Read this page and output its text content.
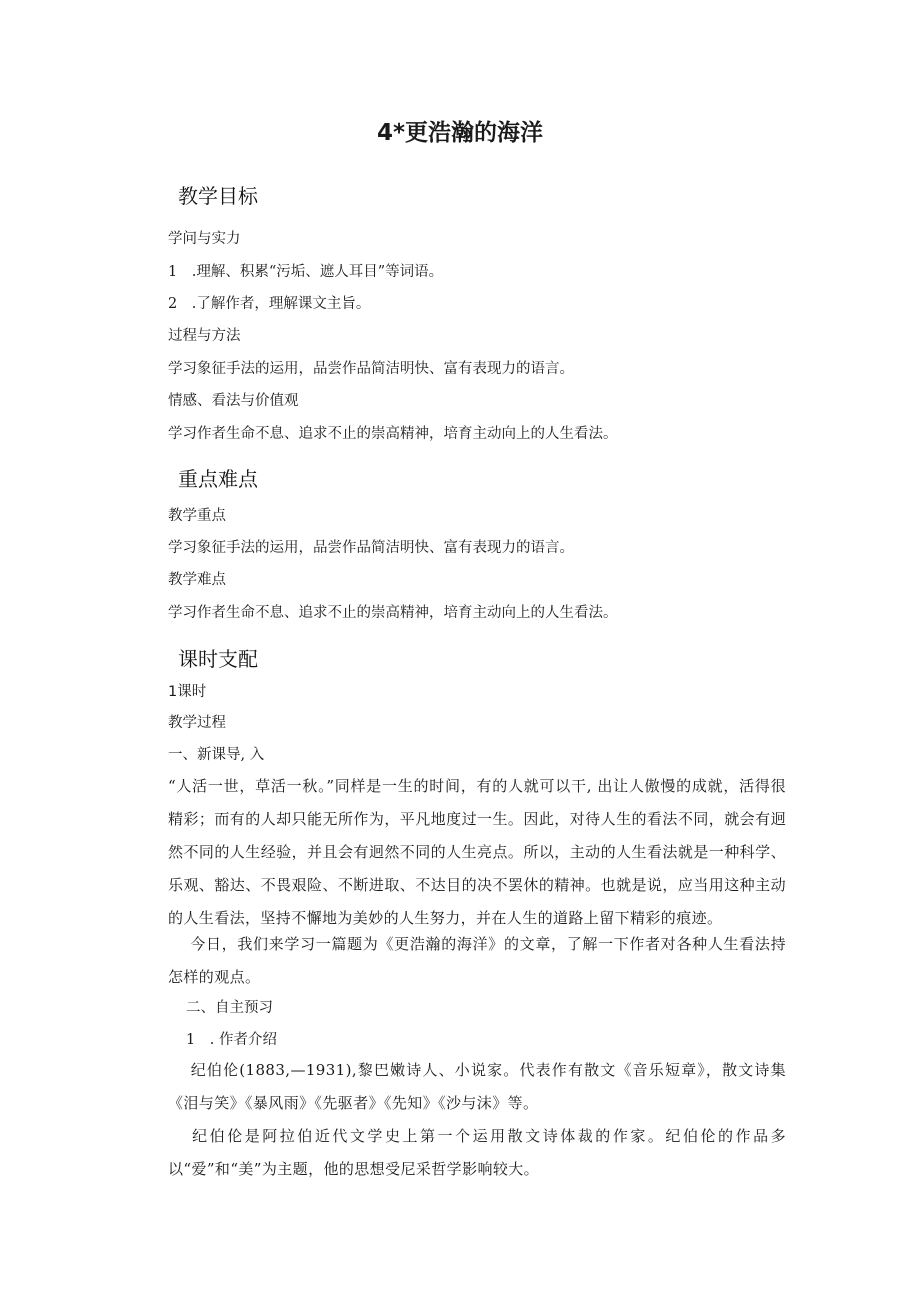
4*更浩瀚的海洋
教学目标

学问与实力

1　.理解、积累“污垢、遮人耳目”等词语。

2　.了解作者，理解课文主旨。

过程与方法

学习象征手法的运用，品尝作品简洁明快、富有表现力的语言。

情感、看法与价值观

学习作者生命不息、追求不止的崇高精神，培育主动向上的人生看法。

重点难点

教学重点

学习象征手法的运用，品尝作品简洁明快、富有表现力的语言。

教学难点

学习作者生命不息、追求不止的崇高精神，培育主动向上的人生看法。

课时支配

1课时

教学过程

一、新课导, 入

“人活一世，草活一秋。”同样是一生的时间，有的人就可以干, 出让人傲慢的成就，活得很精彩；而有的人却只能无所作为，平凡地度过一生。因此，对待人生的看法不同，就会有迥然不同的人生经验，并且会有迥然不同的人生亮点。所以，主动的人生看法就是一种科学、乐观、豁达、不畏艰险、不断进取、不达目的决不罢休的精神。也就是说，应当用这种主动的人生看法，坚持不懈地为美妙的人生努力，并在人生的道路上留下精彩的痕迹。

今日，我们来学习一篇题为《更浩瀚的海洋》的文章，了解一下作者对各种人生看法持怎样的观点。

二、自主预习

1　. 作者介绍

纪伯伦(1883,—1931),黎巴嫩诗人、小说家。代表作有散文《音乐短章》，散文诗集《泪与笑》《暴风雨》《先驱者》《先知》《沙与沫》等。

纪伯伦是阿拉伯近代文学史上第一个运用散文诗体裁的作家。纪伯伦的作品多以“爱”和“美”为主题，他的思想受尼采哲学影响较大。
